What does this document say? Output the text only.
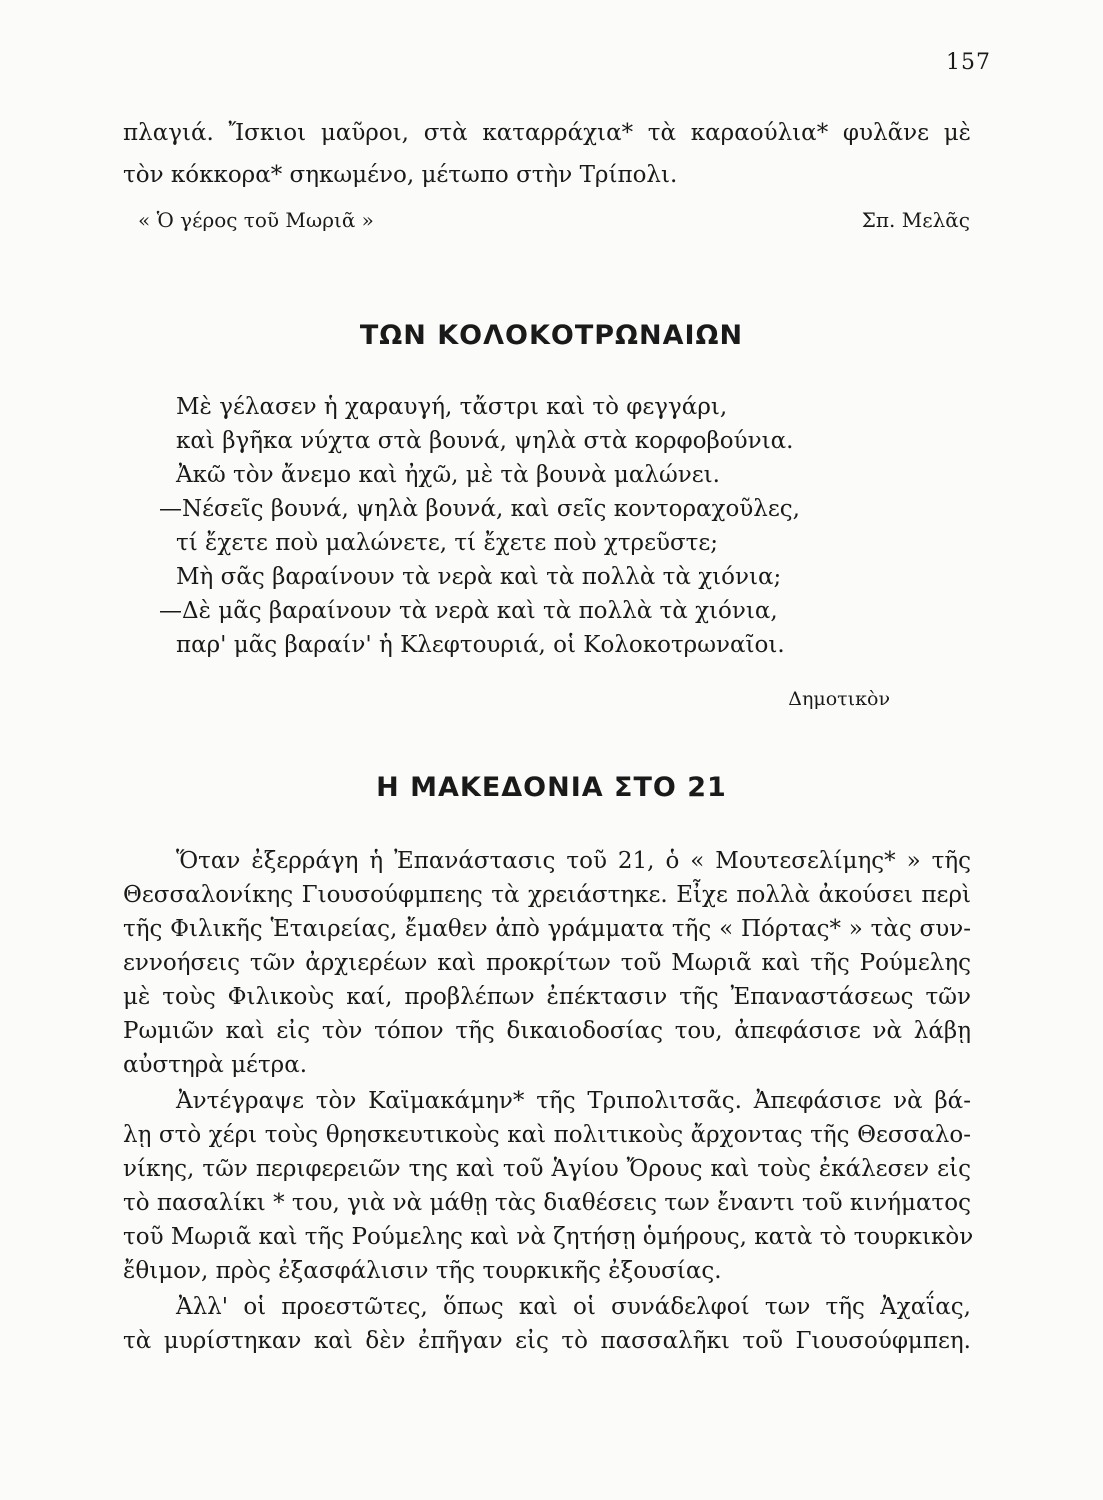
157
πλαγιά. Ἴσκιοι μαῦροι, στὰ καταρράχια* τὰ καραούλια* φυλᾶνε μὲ
τὸν κόκκορα* σηκωμένο, μέτωπο στὴν Τρίπολι.
« Ὁ γέρος τοῦ Μωριᾶ »	Σπ. Μελᾶς
ΤΩΝ ΚΟΛΟΚΟΤΡΩΝΑΙΩΝ
Μὲ γέλασεν ἡ χαραυγή, τἄστρι καὶ τὸ φεγγάρι,
καὶ βγῆκα νύχτα στὰ βουνά, ψηλὰ στὰ κορφοβούνια.
Ἀκῶ τὸν ἄνεμο καὶ ἠχῶ, μὲ τὰ βουνὰ μαλώνει.
—Νέσεῖς βουνά, ψηλὰ βουνά, καὶ σεῖς κοντοραχοῦλες,
τί ἔχετε ποὺ μαλώνετε, τί ἔχετε ποὺ χτρεῦστε;
Μὴ σᾶς βαραίνουν τὰ νερὰ καὶ τὰ πολλὰ τὰ χιόνια;
—Δὲ μᾶς βαραίνουν τὰ νερὰ καὶ τὰ πολλὰ τὰ χιόνια,
παρ' μᾶς βαραίν' ἡ Κλεφτουριά, οἱ Κολοκοτρωναῖοι.
Δημοτικὸν
Η ΜΑΚΕΔΟΝΙΑ ΣΤΟ 21
Ὅταν ἐξερράγη ἡ Ἐπανάστασις τοῦ 21, ὁ « Μουτεσελίμης* » τῆς
Θεσσαλονίκης Γιουσούφμπεης τὰ χρειάστηκε. Εἶχε πολλὰ ἀκούσει περὶ
τῆς Φιλικῆς Ἑταιρείας, ἔμαθεν ἀπὸ γράμματα τῆς « Πόρτας* » τὰς συν-
εννοήσεις τῶν ἀρχιερέων καὶ προκρίτων τοῦ Μωριᾶ καὶ τῆς Ρούμελης
μὲ τοὺς Φιλικοὺς καί, προβλέπων ἐπέκτασιν τῆς Ἐπαναστάσεως τῶν
Ρωμιῶν καὶ εἰς τὸν τόπον τῆς δικαιοδοσίας του, ἀπεφάσισε νὰ λάβῃ
αὐστηρὰ μέτρα.
Ἀντέγραψε τὸν Καϊμακάμην* τῆς Τριπολιτσᾶς. Ἀπεφάσισε νὰ βά-
λῃ στὸ χέρι τοὺς θρησκευτικοὺς καὶ πολιτικοὺς ἄρχοντας τῆς Θεσσαλο-
νίκης, τῶν περιφερειῶν της καὶ τοῦ Ἁγίου Ὄρους καὶ τοὺς ἐκάλεσεν εἰς
τὸ πασαλίκι * του, γιὰ νὰ μάθῃ τὰς διαθέσεις των ἔναντι τοῦ κινήματος
τοῦ Μωριᾶ καὶ τῆς Ρούμελης καὶ νὰ ζητήσῃ ὁμήρους, κατὰ τὸ τουρκικὸν
ἔθιμον, πρὸς ἐξασφάλισιν τῆς τουρκικῆς ἐξουσίας.
Ἀλλ' οἱ προεστῶτες, ὅπως καὶ οἱ συνάδελφοί των τῆς Ἀχαΐας,
τὰ μυρίστηκαν καὶ δὲν ἐπῆγαν εἰς τὸ πασσαλῆκι τοῦ Γιουσούφμπεη.
